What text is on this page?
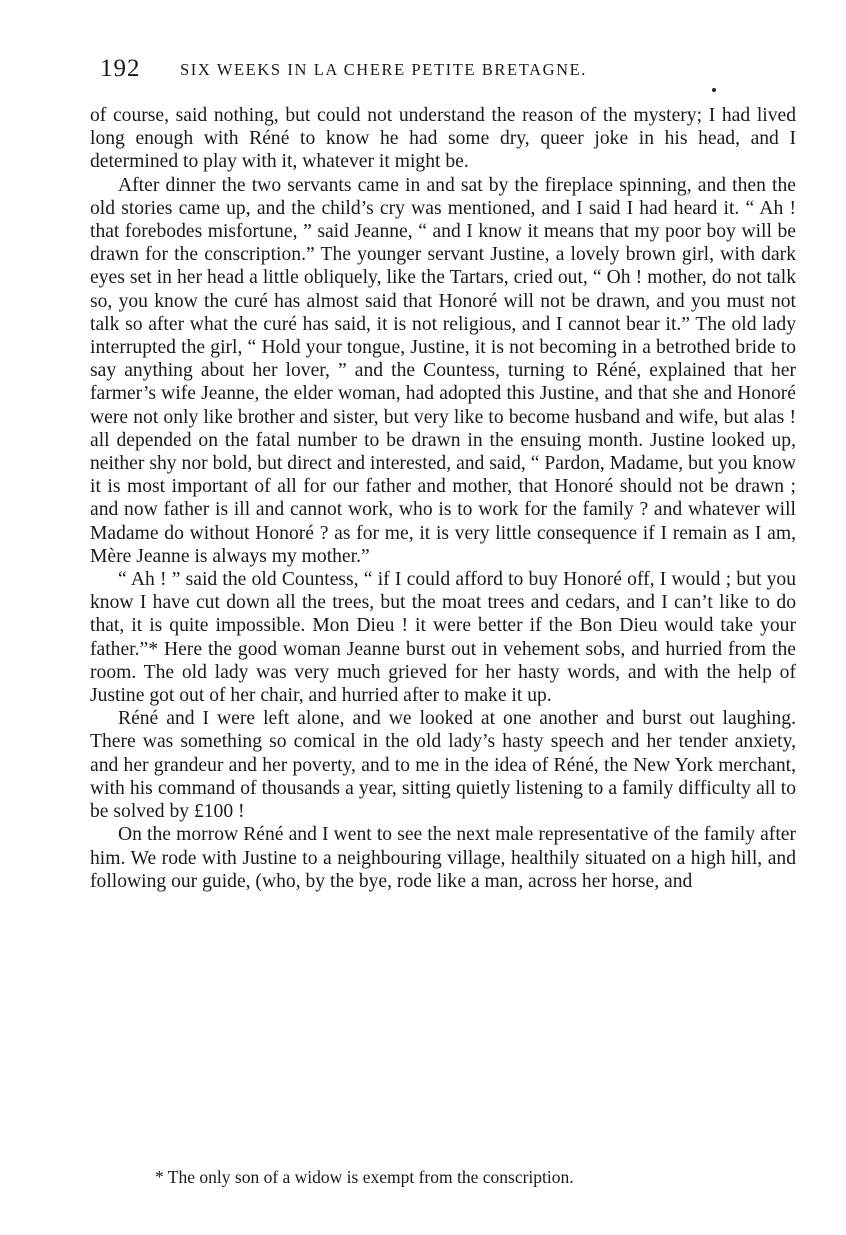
192 SIX WEEKS IN LA CHERE PETITE BRETAGNE.

of course, said nothing, but could not understand the reason of the mystery; I had lived long enough with Réné to know he had some dry, queer joke in his head, and I determined to play with it, whatever it might be.

After dinner the two servants came in and sat by the fireplace spinning, and then the old stories came up, and the child’s cry was mentioned, and I said I had heard it. “ Ah ! that forebodes misfortune, ” said Jeanne, “ and I know it means that my poor boy will be drawn for the conscription.” The younger servant Justine, a lovely brown girl, with dark eyes set in her head a little obliquely, like the Tartars, cried out, “ Oh ! mother, do not talk so, you know the curé has almost said that Honoré will not be drawn, and you must not talk so after what the curé has said, it is not religious, and I cannot bear it.” The old lady interrupted the girl, “ Hold your tongue, Justine, it is not becoming in a betrothed bride to say anything about her lover, ” and the Countess, turning to Réné, explained that her farmer’s wife Jeanne, the elder woman, had adopted this Justine, and that she and Honoré were not only like brother and sister, but very like to become husband and wife, but alas ! all depended on the fatal number to be drawn in the ensuing month. Justine looked up, neither shy nor bold, but direct and interested, and said, “ Pardon, Madame, but you know it is most important of all for our father and mother, that Honoré should not be drawn ; and now father is ill and cannot work, who is to work for the family ? and whatever will Madame do without Honoré ? as for me, it is very little consequence if I remain as I am, Mère Jeanne is always my mother.”

“ Ah ! ” said the old Countess, “ if I could afford to buy Honoré off, I would ; but you know I have cut down all the trees, but the moat trees and cedars, and I can’t like to do that, it is quite impossible. Mon Dieu ! it were better if the Bon Dieu would take your father.”* Here the good woman Jeanne burst out in vehement sobs, and hurried from the room. The old lady was very much grieved for her hasty words, and with the help of Justine got out of her chair, and hurried after to make it up.

Réné and I were left alone, and we looked at one another and burst out laughing. There was something so comical in the old lady’s hasty speech and her tender anxiety, and her grandeur and her poverty, and to me in the idea of Réné, the New York merchant, with his command of thousands a year, sitting quietly listening to a family difficulty all to be solved by £100 !

On the morrow Réné and I went to see the next male representative of the family after him. We rode with Justine to a neighbouring village, healthily situated on a high hill, and following our guide, (who, by the bye, rode like a man, across her horse, and

* The only son of a widow is exempt from the conscription.
